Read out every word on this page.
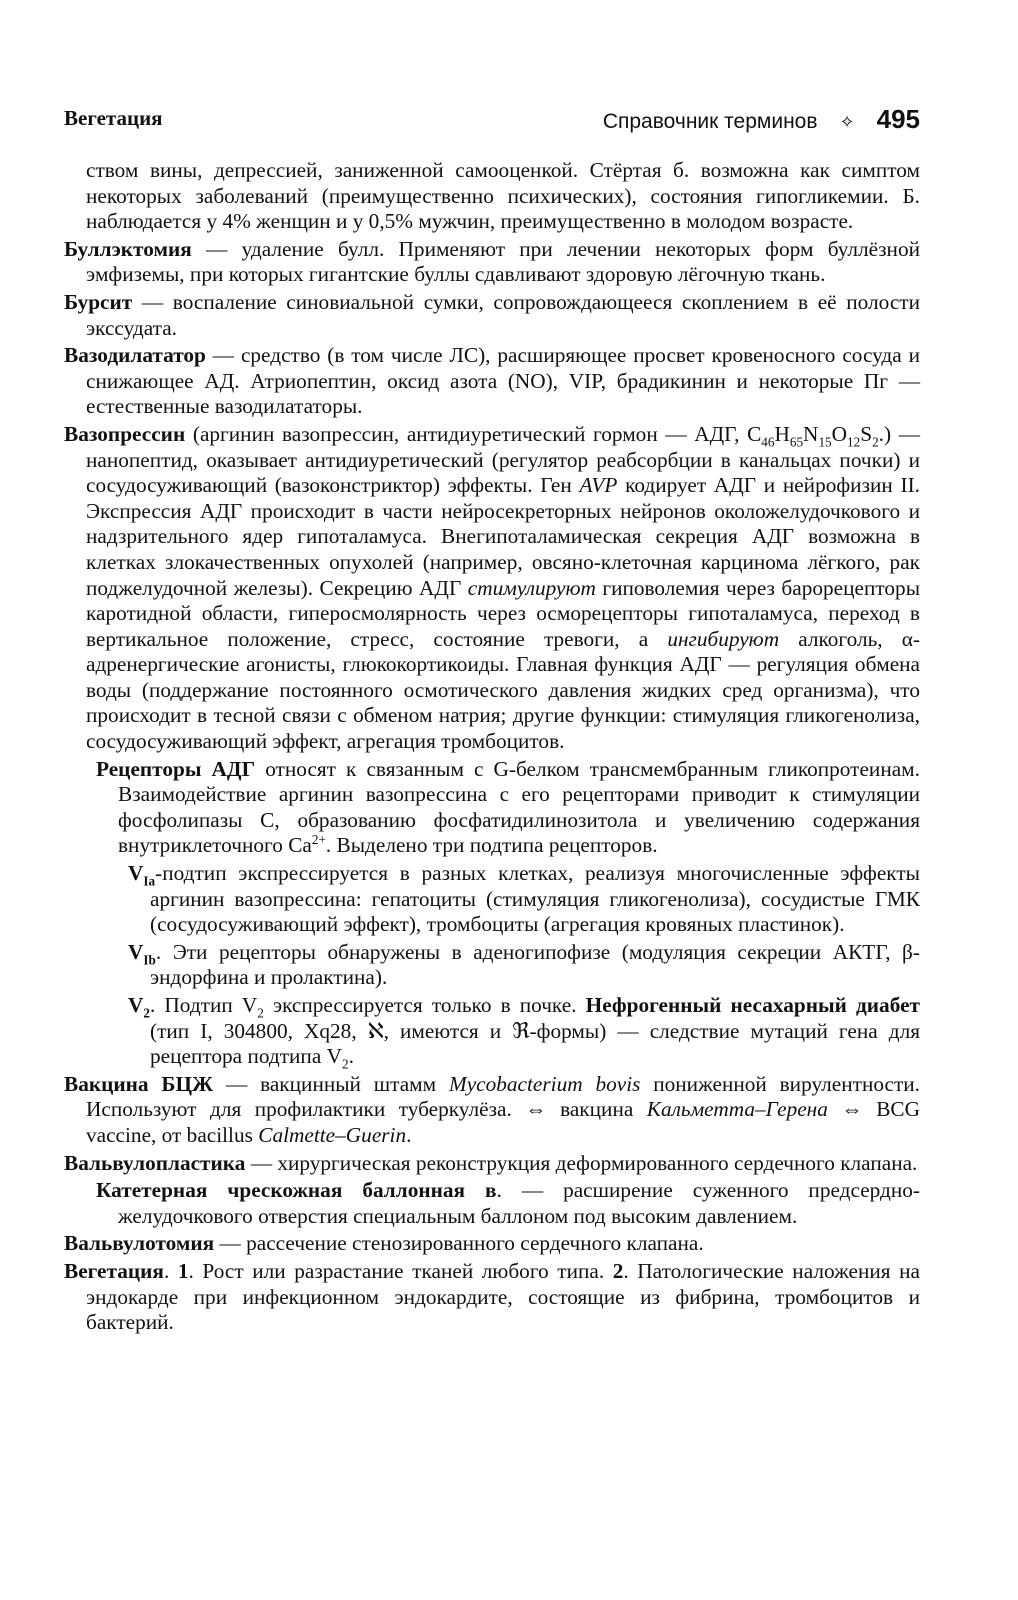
Вегетация	Справочник терминов	✧ 495

ством вины, депрессией, заниженной самооценкой. Стёртая б. возможна как симптом некоторых заболеваний (преимущественно психических), состояния гипогликемии. Б. наблюдается у 4% женщин и у 0,5% мужчин, преимущественно в молодом возрасте.

Буллэктомия — удаление булл. Применяют при лечении некоторых форм буллёзной эмфиземы, при которых гигантские буллы сдавливают здоровую лёгочную ткань.

Бурсит — воспаление синовиальной сумки, сопровождающееся скоплением в её полости экссудата.

Вазодилататор — средство (в том числе ЛС), расширяющее просвет кровеносного сосуда и снижающее АД. Атриопептин, оксид азота (NO), VIP, брадикинин и некоторые Пг — естественные вазодилататоры.

Вазопрессин (аргинин вазопрессин, антидиуретический гормон — АДГ, $C_{46}H_{65}N_{15}O_{12}S_2$.) — нанопептид, оказывает антидиуретический (регулятор реабсорбции в канальцах почки) и сосудосуживающий (вазоконстриктор) эффекты. Ген AVP кодирует АДГ и нейрофизин II. Экспрессия АДГ происходит в части нейросекреторных нейронов околожелудочкового и надзрительного ядер гипоталамуса. Внегипоталамическая секреция АДГ возможна в клетках злокачественных опухолей (например, овсяно-клеточная карцинома лёгкого, рак поджелудочной железы). Секрецию АДГ стимулируют гиповолемия через барорецепторы каротидной области, гиперосмолярность через осморецепторы гипоталамуса, переход в вертикальное положение, стресс, состояние тревоги, а ингибируют алкоголь, α-адренергические агонисты, глюкокортикоиды. Главная функция АДГ — регуляция обмена воды (поддержание постоянного осмотического давления жидких сред организма), что происходит в тесной связи с обменом натрия; другие функции: стимуляция гликогенолиза, сосудосуживающий эффект, агрегация тромбоцитов.

Рецепторы АДГ относят к связанным с G-белком трансмембранным гликопротеинам. Взаимодействие аргинин вазопрессина с его рецепторами приводит к стимуляции фосфолипазы C, образованию фосфатидилинозитола и увеличению содержания внутриклеточного $Ca^{2+}$. Выделено три подтипа рецепторов.

$V_{Ia}$-подтип экспрессируется в разных клетках, реализуя многочисленные эффекты аргинин вазопрессина: гепатоциты (стимуляция гликогенолиза), сосудистые ГМК (сосудосуживающий эффект), тромбоциты (агрегация кровяных пластинок).

$V_{Ib}$. Эти рецепторы обнаружены в аденогипофизе (модуляция секреции АКТГ, β-эндорфина и пролактина).

$V_2$. Подтип $V_2$ экспрессируется только в почке. Нефрогенный несахарный диабет (тип I, 304800, Xq28, ℵ, имеются и ℜ-формы) — следствие мутаций гена для рецептора подтипа $V_2$.

Вакцина БЦЖ — вакцинный штамм Mycobacterium bovis пониженной вирулентности. Используют для профилактики туберкулёза. ⇔ вакцина Кальметта–Герена ⇔ BCG vaccine, от bacillus Calmette–Guerin.

Вальвулопластика — хирургическая реконструкция деформированного сердечного клапана.

Катетерная чрескожная баллонная в. — расширение суженного предсердно-желудочкового отверстия специальным баллоном под высоким давлением.

Вальвулотомия — рассечение стенозированного сердечного клапана.

Вегетация. 1. Рост или разрастание тканей любого типа. 2. Патологические наложения на эндокарде при инфекционном эндокардите, состоящие из фибрина, тромбоцитов и бактерий.
